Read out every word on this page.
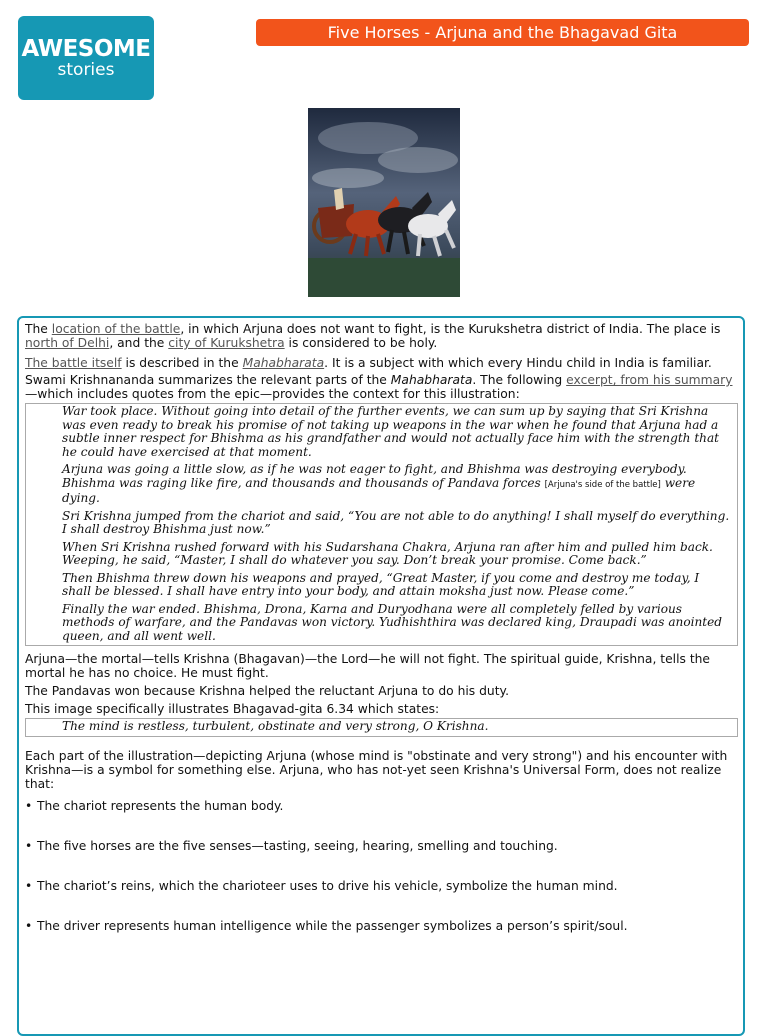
AWESOME
stories
Five Horses - Arjuna and the Bhagavad Gita

The location of the battle, in which Arjuna does not want to fight, is the Kurukshetra district of India. The place is north of Delhi, and the city of Kurukshetra is considered to be holy.

The battle itself is described in the Mahabharata. It is a subject with which every Hindu child in India is familiar.

Swami Krishnananda summarizes the relevant parts of the Mahabharata. The following excerpt, from his summary—which includes quotes from the epic—provides the context for this illustration:

War took place. Without going into detail of the further events, we can sum up by saying that Sri Krishna was even ready to break his promise of not taking up weapons in the war when he found that Arjuna had a subtle inner respect for Bhishma as his grandfather and would not actually face him with the strength that he could have exercised at that moment.

Arjuna was going a little slow, as if he was not eager to fight, and Bhishma was destroying everybody. Bhishma was raging like fire, and thousands and thousands of Pandava forces [Arjuna's side of the battle] were dying.

Sri Krishna jumped from the chariot and said, “You are not able to do anything! I shall myself do everything. I shall destroy Bhishma just now.”

When Sri Krishna rushed forward with his Sudarshana Chakra, Arjuna ran after him and pulled him back. Weeping, he said, “Master, I shall do whatever you say. Don’t break your promise. Come back.”

Then Bhishma threw down his weapons and prayed, “Great Master, if you come and destroy me today, I shall be blessed. I shall have entry into your body, and attain moksha just now. Please come.”

Finally the war ended. Bhishma, Drona, Karna and Duryodhana were all completely felled by various methods of warfare, and the Pandavas won victory. Yudhishthira was declared king, Draupadi was anointed queen, and all went well.

Arjuna—the mortal—tells Krishna (Bhagavan)—the Lord—he will not fight. The spiritual guide, Krishna, tells the mortal he has no choice. He must fight.

The Pandavas won because Krishna helped the reluctant Arjuna to do his duty.

This image specifically illustrates Bhagavad-gita 6.34 which states:

The mind is restless, turbulent, obstinate and very strong, O Krishna.

Each part of the illustration—depicting Arjuna (whose mind is "obstinate and very strong") and his encounter with Krishna—is a symbol for something else. Arjuna, who has not-yet seen Krishna's Universal Form, does not realize that:

• The chariot represents the human body.
• The five horses are the five senses—tasting, seeing, hearing, smelling and touching.
• The chariot’s reins, which the charioteer uses to drive his vehicle, symbolize the human mind.
• The driver represents human intelligence while the passenger symbolizes a person’s spirit/soul.
